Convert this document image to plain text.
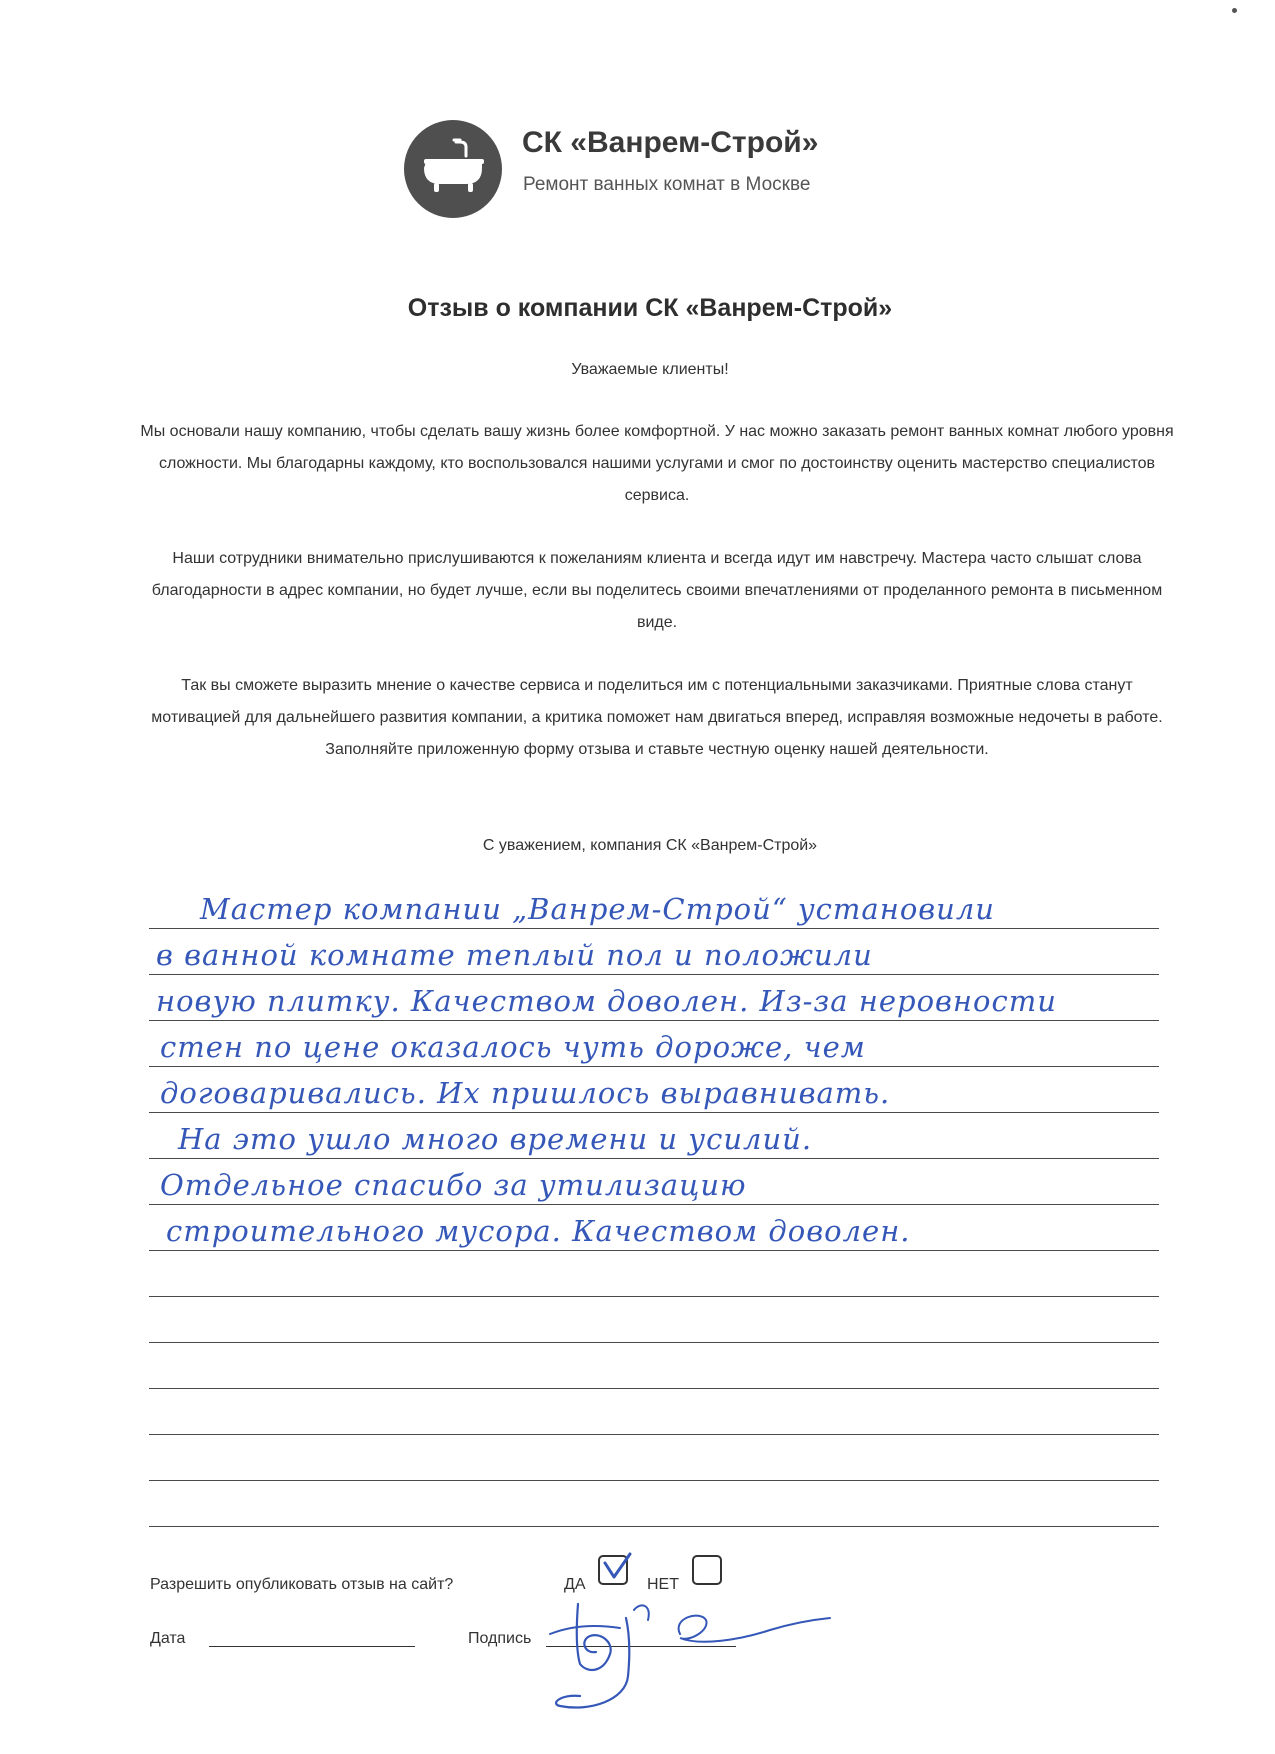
СК «Ванрем-Строй»
Ремонт ванных комнат в Москве
Отзыв о компании СК «Ванрем-Строй»
Уважаемые клиенты!
Мы основали нашу компанию, чтобы сделать вашу жизнь более комфортной. У нас можно заказать ремонт ванных комнат любого уровня сложности. Мы благодарны каждому, кто воспользовался нашими услугами и смог по достоинству оценить мастерство специалистов сервиса.
Наши сотрудники внимательно прислушиваются к пожеланиям клиента и всегда идут им навстречу. Мастера часто слышат слова благодарности в адрес компании, но будет лучше, если вы поделитесь своими впечатлениями от проделанного ремонта в письменном виде.
Так вы сможете выразить мнение о качестве сервиса и поделиться им с потенциальными заказчиками. Приятные слова станут мотивацией для дальнейшего развития компании, а критика поможет нам двигаться вперед, исправляя возможные недочеты в работе. Заполняйте приложенную форму отзыва и ставьте честную оценку нашей деятельности.
С уважением, компания СК «Ванрем-Строй»
Мастер компании „Ванрем-Строй“ установили
в ванной комнате теплый пол и положили
новую плитку. Качеством доволен. Из-за неровности
стен по цене оказалось чуть дороже, чем
договаривались. Их пришлось выравнивать.
На это ушло много времени и усилий.
Отдельное спасибо за утилизацию
строительного мусора. Качеством доволен.
Разрешить опубликовать отзыв на сайт?	ДА	НЕТ
Дата	Подпись
